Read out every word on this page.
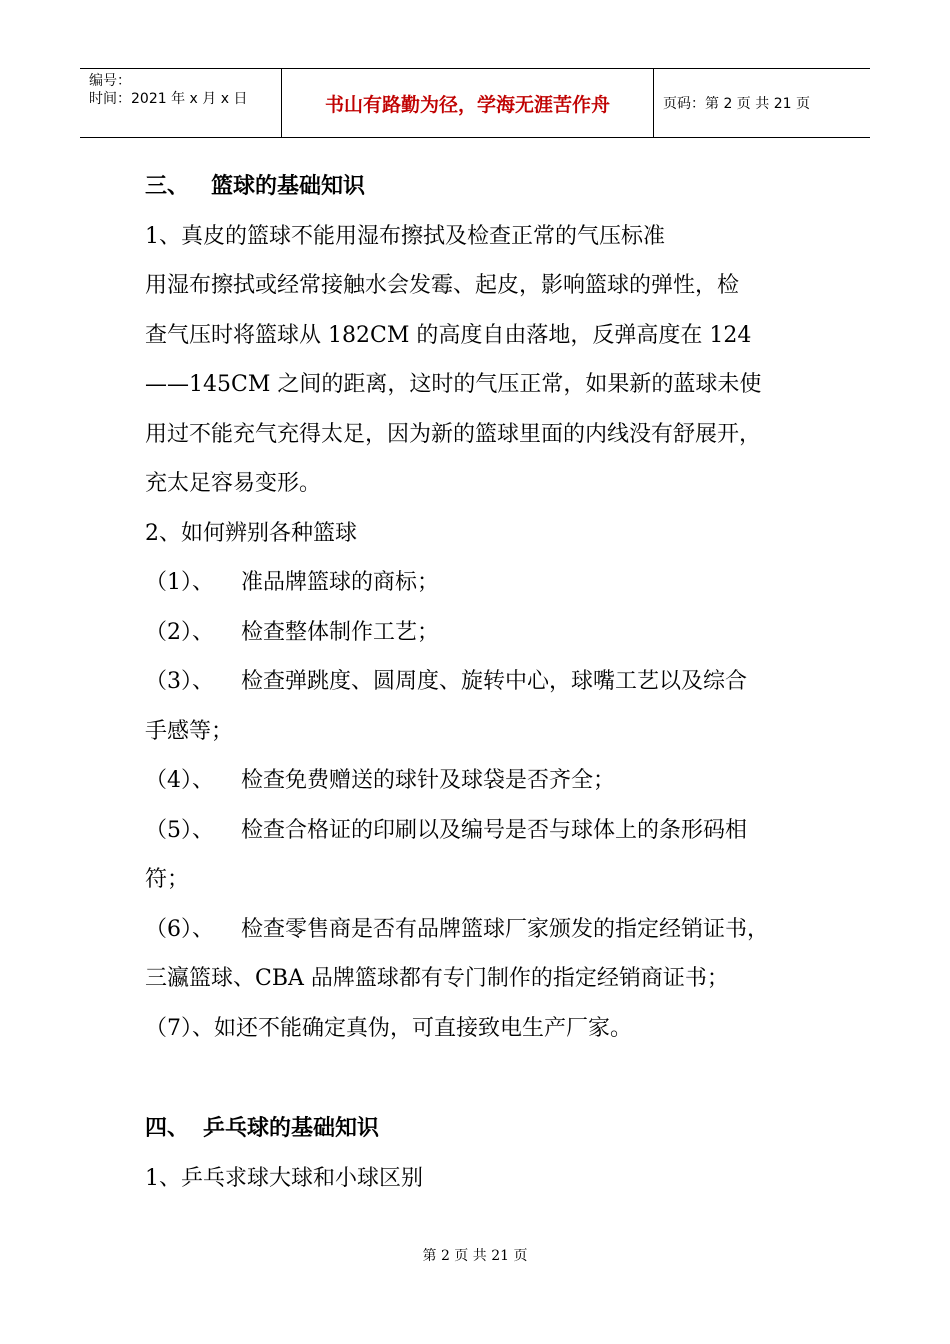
编号：
时间：2021 年 x 月 x 日	书山有路勤为径，学海无涯苦作舟	页码：第 2 页 共 21 页
三、 篮球的基础知识
1、真皮的篮球不能用湿布擦拭及检查正常的气压标准
用湿布擦拭或经常接触水会发霉、起皮，影响篮球的弹性，检
查气压时将篮球从 182CM 的高度自由落地，反弹高度在 124
——145CM 之间的距离，这时的气压正常，如果新的蓝球未使
用过不能充气充得太足，因为新的篮球里面的内线没有舒展开，
充太足容易变形。
2、如何辨别各种篮球
（1）、 准品牌篮球的商标；
（2）、 检查整体制作工艺；
（3）、 检查弹跳度、圆周度、旋转中心，球嘴工艺以及综合
手感等；
（4）、 检查免费赠送的球针及球袋是否齐全；
（5）、 检查合格证的印刷以及编号是否与球体上的条形码相
符；
（6）、 检查零售商是否有品牌篮球厂家颁发的指定经销证书，
三瀛篮球、CBA 品牌篮球都有专门制作的指定经销商证书；
（7）、如还不能确定真伪，可直接致电生产厂家。
四、 乒乓球的基础知识
1、乒乓求球大球和小球区别
第 2 页 共 21 页
